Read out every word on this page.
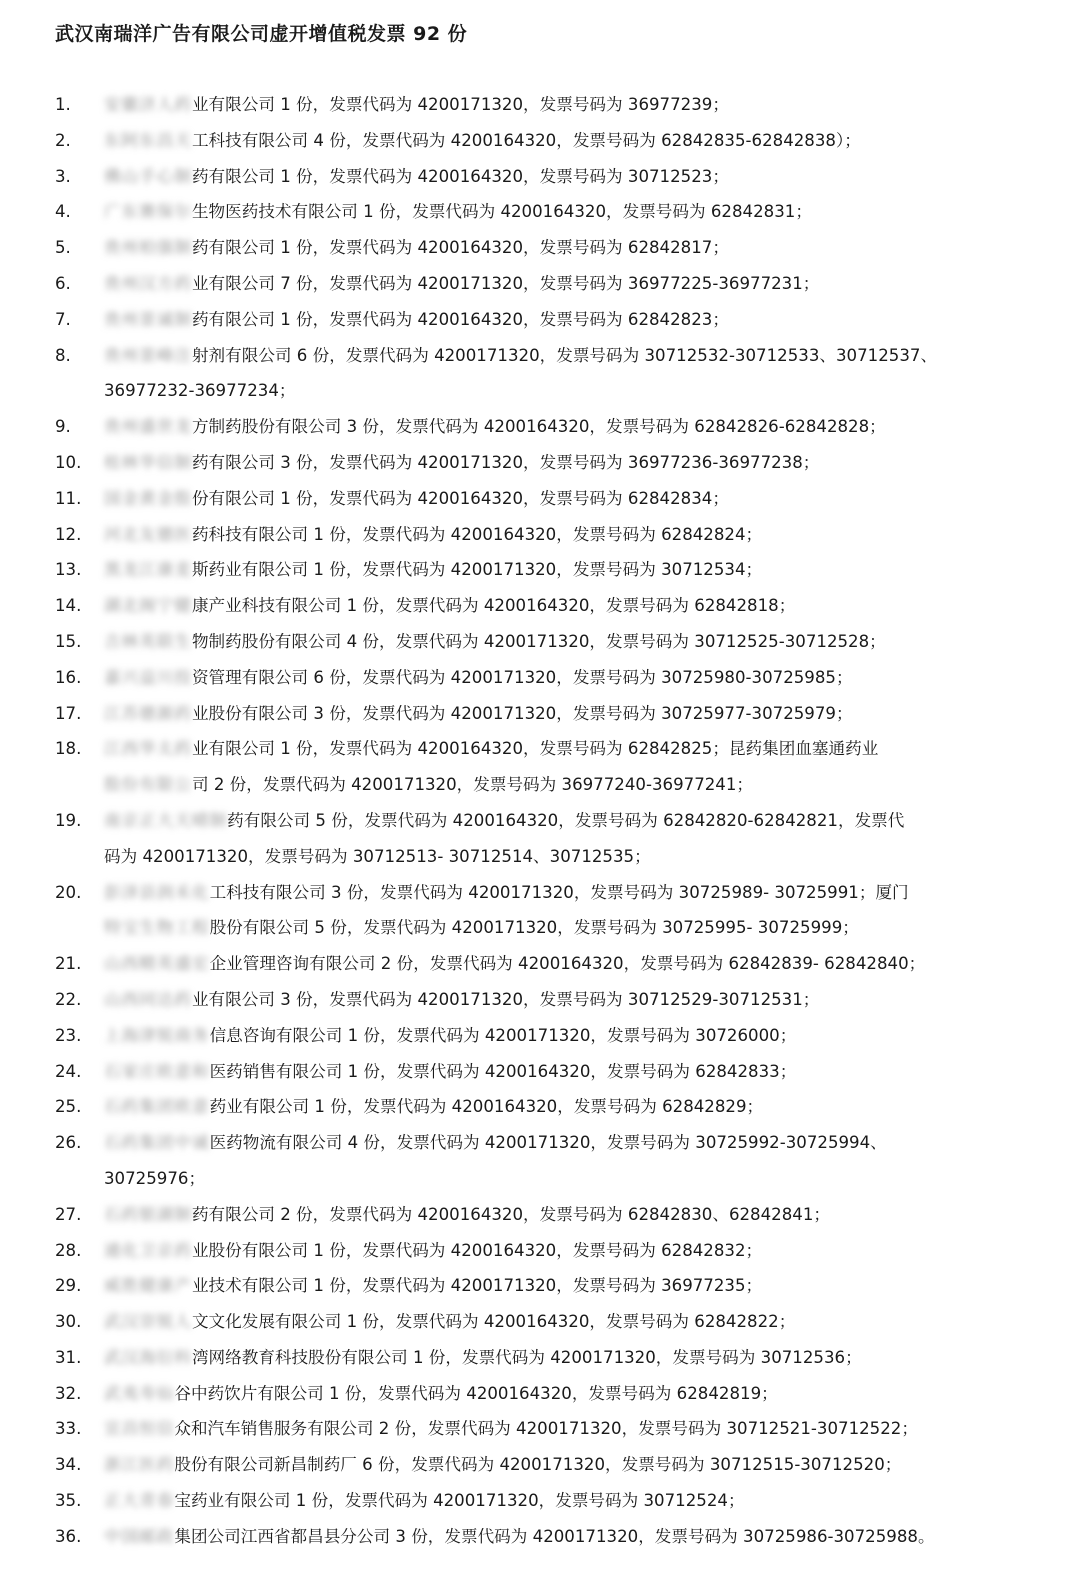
武汉南瑞洋广告有限公司虚开增值税发票 92 份
1.	安徽济人药业有限公司 1 份，发票代码为 4200171320，发票号码为 36977239；
2.	东阿东昌天工科技有限公司 4 份，发票代码为 4200164320，发票号码为 62842835-62842838）；
3.	佛山手心制药有限公司 1 份，发票代码为 4200164320，发票号码为 30712523；
4.	广东赛保尔生物医药技术有限公司 1 份，发票代码为 4200164320，发票号码为 62842831；
5.	贵州柏强制药有限公司 1 份，发票代码为 4200164320，发票号码为 62842817；
6.	贵州汉方药业有限公司 7 份，发票代码为 4200171320，发票号码为 36977225-36977231；
7.	贵州景诚制药有限公司 1 份，发票代码为 4200164320，发票号码为 62842823；
8.	贵州景峰注射剂有限公司 6 份，发票代码为 4200171320，发票号码为 30712532-30712533、30712537、
36977232-36977234；
9.	贵州盛世龙方制药股份有限公司 3 份，发票代码为 4200164320，发票号码为 62842826-62842828；
10.	桂林华信制药有限公司 3 份，发票代码为 4200171320，发票号码为 36977236-36977238；
11.	国金黄金股份有限公司 1 份，发票代码为 4200164320，发票号码为 62842834；
12.	河北友德医药科技有限公司 1 份，发票代码为 4200164320，发票号码为 62842824；
13.	黑龙江康麦斯药业有限公司 1 份，发票代码为 4200171320，发票号码为 30712534；
14.	湖北阁宁健康产业科技有限公司 1 份，发票代码为 4200164320，发票号码为 62842818；
15.	吉林英联生物制药股份有限公司 4 份，发票代码为 4200171320，发票号码为 30712525-30712528；
16.	嘉兴益川投资管理有限公司 6 份，发票代码为 4200171320，发票号码为 30725980-30725985；
17.	江苏德源药业股份有限公司 3 份，发票代码为 4200171320，发票号码为 30725977-30725979；
18.	江西华太药业有限公司 1 份，发票代码为 4200164320，发票号码为 62842825；昆药集团血塞通药业
股份有限公司 2 份，发票代码为 4200171320，发票号码为 36977240-36977241；
19.	南京正大天晴制药有限公司 5 份，发票代码为 4200164320，发票号码为 62842820-62842821，发票代
码为 4200171320，发票号码为 30712513- 30712514、30712535；
20.	彭泽县润禾化工科技有限公司 3 份，发票代码为 4200171320，发票号码为 30725989- 30725991；厦门
特宝生物工程股份有限公司 5 份，发票代码为 4200171320，发票号码为 30725995- 30725999；
21.	山西精英盛宏企业管理咨询有限公司 2 份，发票代码为 4200164320，发票号码为 62842839- 62842840；
22.	山西同达药业有限公司 3 份，发票代码为 4200171320，发票号码为 30712529-30712531；
23.	上海津锐商务信息咨询有限公司 1 份，发票代码为 4200171320，发票号码为 30726000；
24.	石家庄欧意和医药销售有限公司 1 份，发票代码为 4200164320，发票号码为 62842833；
25.	石药集团欧意药业有限公司 1 份，发票代码为 4200164320，发票号码为 62842829；
26.	石药集团中诚医药物流有限公司 4 份，发票代码为 4200171320，发票号码为 30725992-30725994、
30725976；
27.	石药银湖制药有限公司 2 份，发票代码为 4200164320，发票号码为 62842830、62842841；
28.	通化卫京药业股份有限公司 1 份，发票代码为 4200164320，发票号码为 62842832；
29.	威胜健康产业技术有限公司 1 份，发票代码为 4200171320，发票号码为 36977235；
30.	武汉崇锐人文文化发展有限公司 1 份，发票代码为 4200164320，发票号码为 62842822；
31.	武汉海衍科湾网络教育科技股份有限公司 1 份，发票代码为 4200171320，发票号码为 30712536；
32.	武夷寿仙谷中药饮片有限公司 1 份，发票代码为 4200164320，发票号码为 62842819；
33.	宣昌恒信众和汽车销售服务有限公司 2 份，发票代码为 4200171320，发票号码为 30712521-30712522；
34.	浙江医药股份有限公司新昌制药厂 6 份，发票代码为 4200171320，发票号码为 30712515-30712520；
35.	正大青春宝药业有限公司 1 份，发票代码为 4200171320，发票号码为 30712524；
36.	中国邮政集团公司江西省都昌县分公司 3 份，发票代码为 4200171320，发票号码为 30725986-30725988。
